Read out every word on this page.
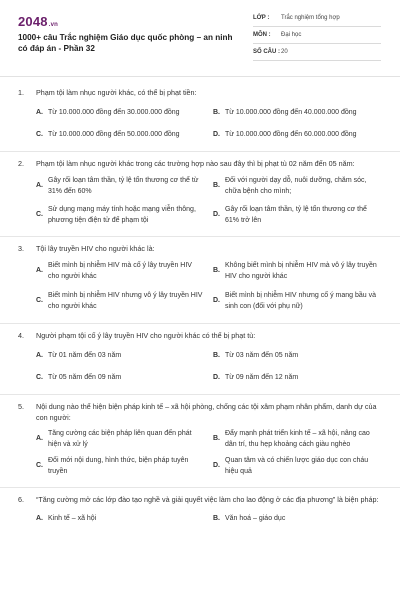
2048.vn
1000+ câu Trắc nghiệm Giáo dục quốc phòng – an ninh có đáp án - Phần 32
LỚP :	Trắc nghiệm tổng hợp
MÔN :	Đại học
SỐ CÂU : 20
1.	Phạm tội làm nhục người khác, có thể bị phạt tiền:
A. Từ 10.000.000 đồng đến 30.000.000 đồng	B. Từ 10.000.000 đồng đến 40.000.000 đồng
C. Từ 10.000.000 đồng đến 50.000.000 đồng	D. Từ 10.000.000 đồng đến 60.000.000 đồng
2.	Phạm tội làm nhục người khác trong các trường hợp nào sau đây thì bị phạt tù 02 năm đến 05 năm:
A.
Gây rối loạn tâm thần, tỷ lệ tổn thương cơ thể từ 31% đến 60%
B.
Đối với người dạy dỗ, nuôi dưỡng, chăm sóc, chữa bệnh cho mình;
C.
Sử dụng mạng máy tính hoặc mạng viễn thông, phương tiện điện tử để phạm tội
D.
Gây rối loạn tâm thần, tỷ lệ tổn thương cơ thể 61% trở lên
3.	Tội lây truyền HIV cho người khác là:
A.
Biết mình bị nhiễm HIV mà cố ý lây truyền HIV cho người khác
B.
Không biết mình bị nhiễm HIV mà vô ý lây truyền HIV cho người khác
C.
Biết mình bị nhiễm HIV nhưng vô ý lây truyền HIV cho người khác
D.
Biết mình bị nhiễm HIV nhưng cố ý mang bầu và sinh con (đối với phụ nữ)
4.	Người phạm tội cố ý lây truyền HIV cho người khác có thể bị phạt tù:
A. Từ 01 năm đến 03 năm	B. Từ 03 năm đến 05 năm
C. Từ 05 năm đến 09 năm	D. Từ 09 năm đến 12 năm
5.	Nội dung nào thể hiện biện pháp kinh tế – xã hội phòng, chống các tội xâm phạm nhân phẩm, danh dự của con người:
A.
Tăng cường các biện pháp liên quan đến phát hiện và xử lý
B.
Đẩy mạnh phát triển kinh tế – xã hội, nâng cao dân trí, thu hẹp khoảng cách giàu nghèo
C.
Đổi mới nội dung, hình thức, biện pháp tuyên truyền
D.
Quan tâm và có chiến lược giáo dục con cháu hiệu quả
6.	“Tăng cường mở các lớp đào tạo nghề và giải quyết việc làm cho lao động ở các địa phương” là biện pháp:
A. Kinh tế – xã hội	B. Văn hoá – giáo dục
